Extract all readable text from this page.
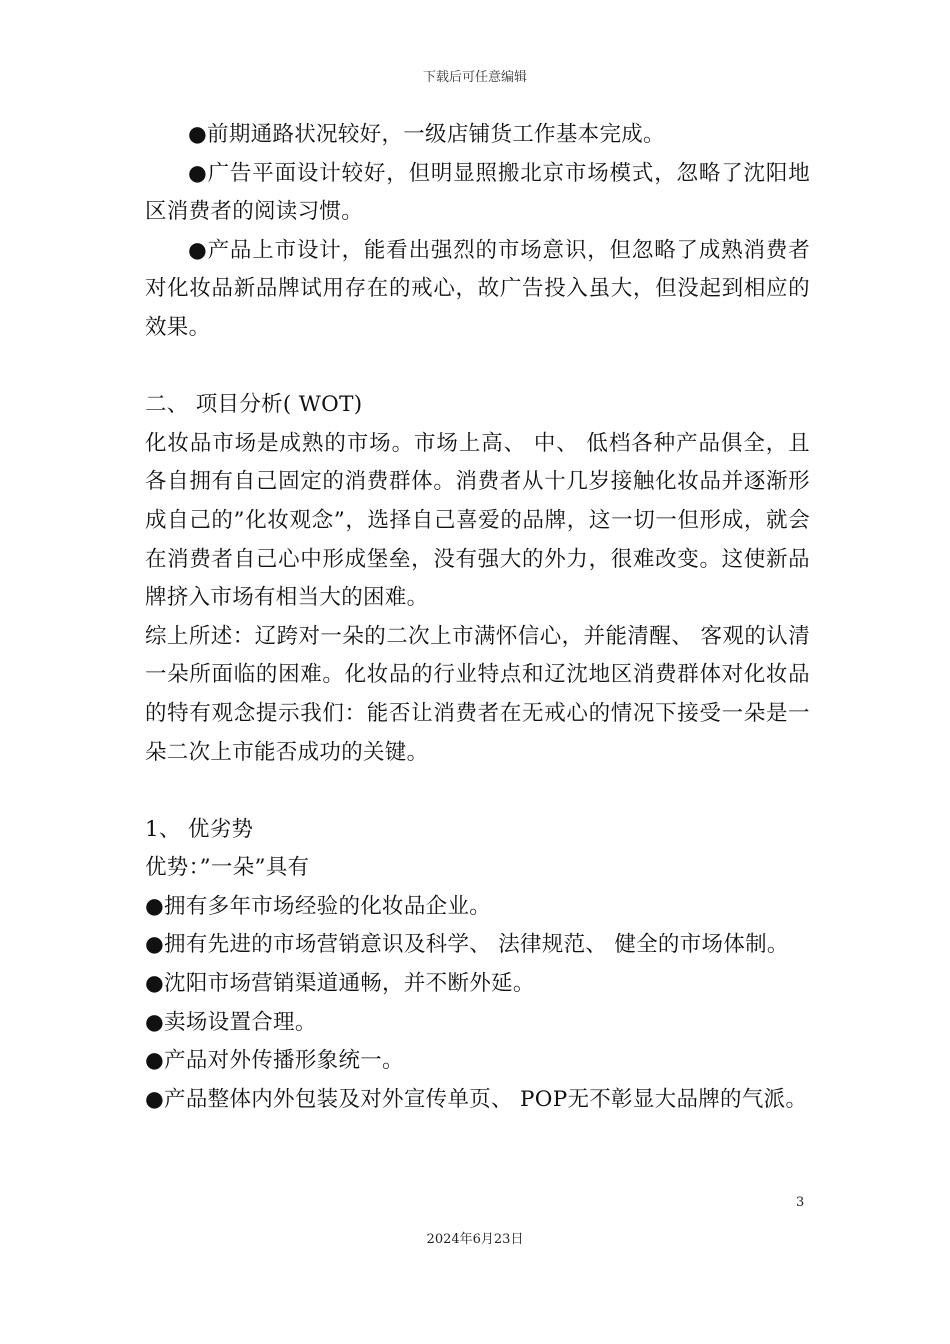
下载后可任意编辑

●前期通路状况较好，一级店铺货工作基本完成。

●广告平面设计较好，但明显照搬北京市场模式，忽略了沈阳地区消费者的阅读习惯。

●产品上市设计，能看出强烈的市场意识，但忽略了成熟消费者对化妆品新品牌试用存在的戒心，故广告投入虽大，但没起到相应的效果。

二、 项目分析( WOT)

化妆品市场是成熟的市场。市场上高、 中、 低档各种产品俱全，且各自拥有自己固定的消费群体。消费者从十几岁接触化妆品并逐渐形成自己的”化妆观念”，选择自己喜爱的品牌，这一切一但形成，就会在消费者自己心中形成堡垒，没有强大的外力，很难改变。这使新品牌挤入市场有相当大的困难。

综上所述：辽跨对一朵的二次上市满怀信心，并能清醒、 客观的认清一朵所面临的困难。化妆品的行业特点和辽沈地区消费群体对化妆品的特有观念提示我们：能否让消费者在无戒心的情况下接受一朵是一朵二次上市能否成功的关键。

1、 优劣势

优势：”一朵”具有

●拥有多年市场经验的化妆品企业。

●拥有先进的市场营销意识及科学、 法律规范、 健全的市场体制。

●沈阳市场营销渠道通畅，并不断外延。

●卖场设置合理。

●产品对外传播形象统一。

●产品整体内外包装及对外宣传单页、 POP无不彰显大品牌的气派。

3
2024年6月23日
